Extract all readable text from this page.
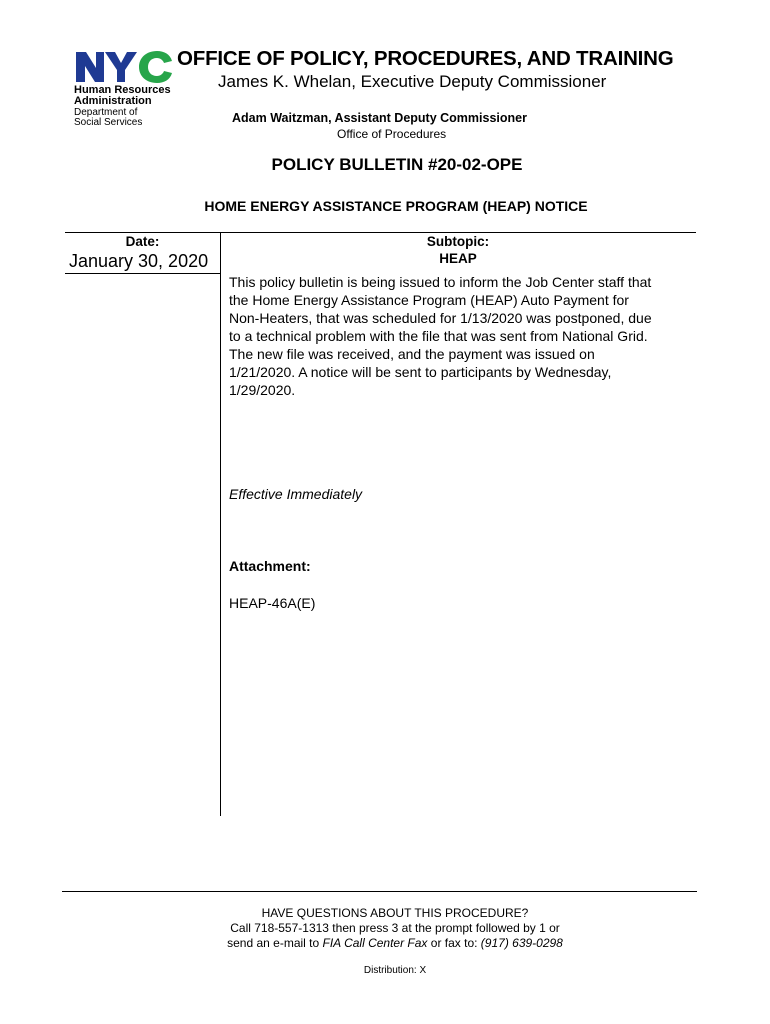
Human Resources
Administration
Department of
Social Services
OFFICE OF POLICY, PROCEDURES, AND TRAINING
James K. Whelan, Executive Deputy Commissioner
Adam Waitzman, Assistant Deputy Commissioner
Office of Procedures
POLICY BULLETIN #20-02-OPE
HOME ENERGY ASSISTANCE PROGRAM (HEAP) NOTICE
Date:
January 30, 2020
Subtopic:
HEAP
This policy bulletin is being issued to inform the Job Center staff that
the Home Energy Assistance Program (HEAP) Auto Payment for
Non-Heaters, that was scheduled for 1/13/2020 was postponed, due
to a technical problem with the file that was sent from National Grid.
The new file was received, and the payment was issued on
1/21/2020. A notice will be sent to participants by Wednesday,
1/29/2020.
Effective Immediately
Attachment:
HEAP-46A(E)
HAVE QUESTIONS ABOUT THIS PROCEDURE?
Call 718-557-1313 then press 3 at the prompt followed by 1 or
send an e-mail to FIA Call Center Fax or fax to: (917) 639-0298
Distribution: X
